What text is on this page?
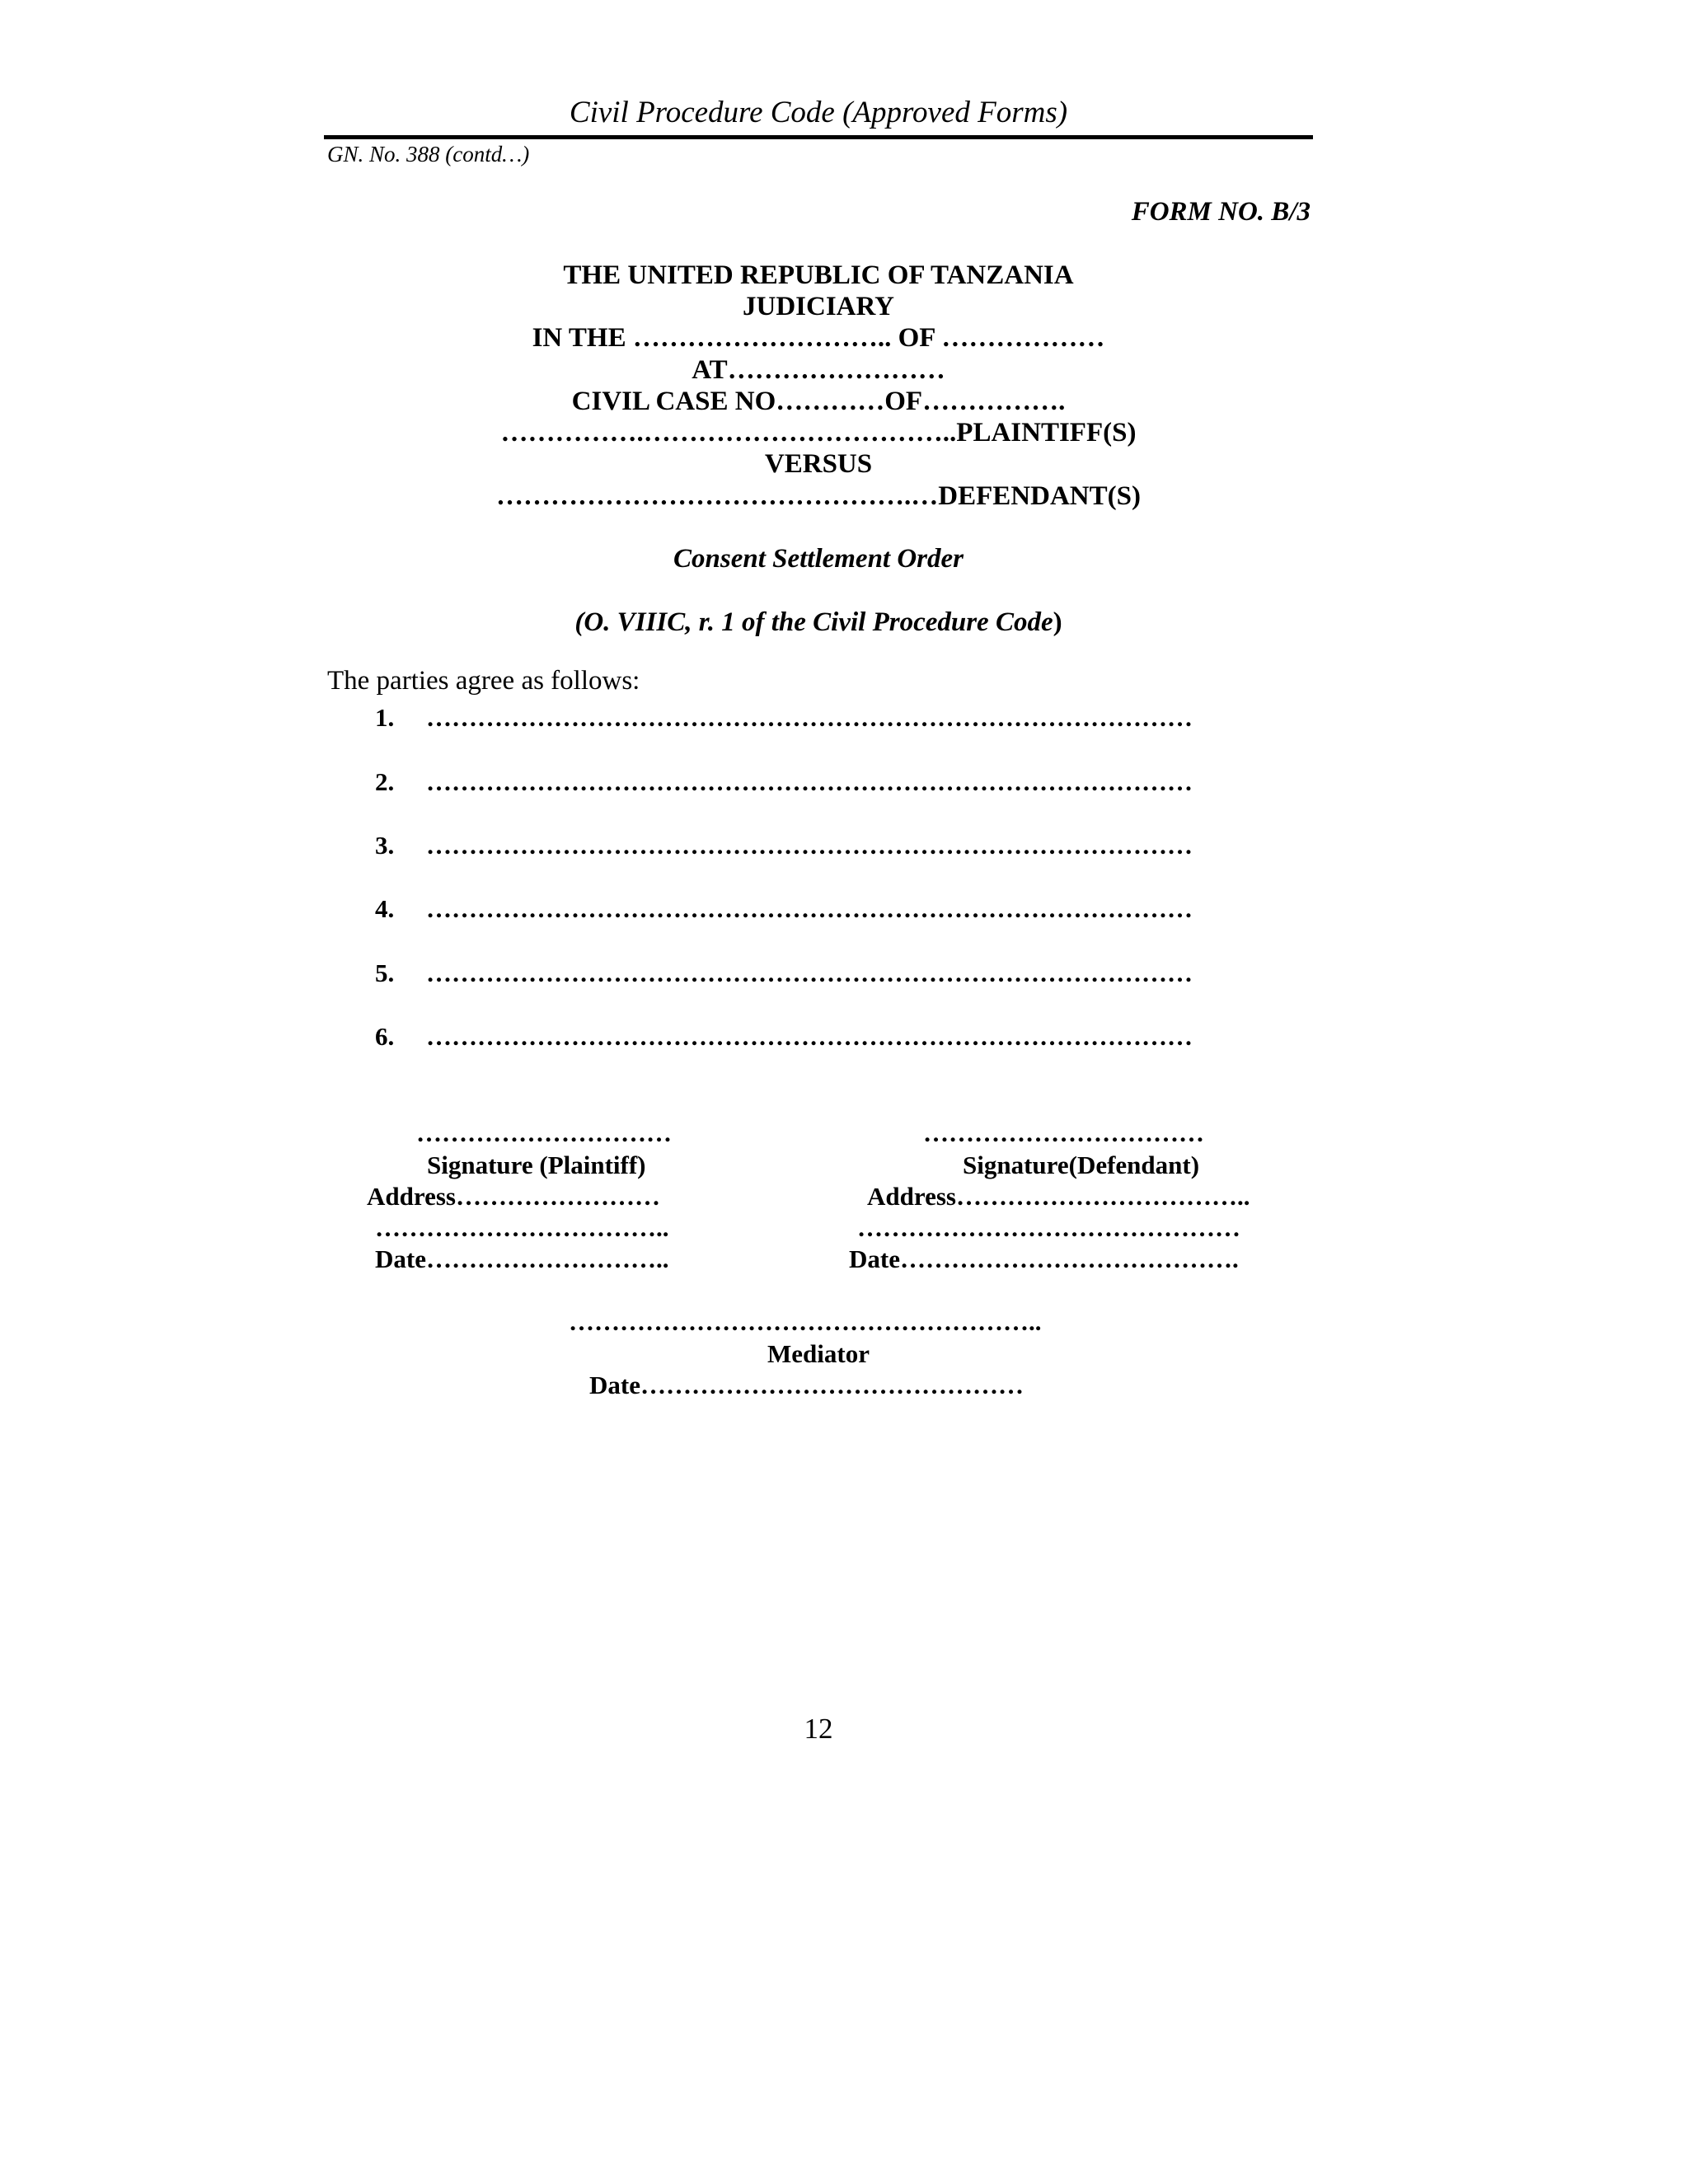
Civil Procedure Code (Approved Forms)
GN. No. 388 (contd…)
FORM NO. B/3
THE UNITED REPUBLIC OF TANZANIA
JUDICIARY
IN THE ……………………….. OF ………………
AT……………………
CIVIL CASE NO…………OF…………….
…………….……………………………..PLAINTIFF(S)
VERSUS
……………………………………….…DEFENDANT(S)
Consent Settlement Order
(O. VIIIC, r. 1 of the Civil Procedure Code)
The parties agree as follows:
1. ………………………………………………………………………………
2. ………………………………………………………………………………
3. ………………………………………………………………………………
4. ………………………………………………………………………………
5. ………………………………………………………………………………
6. ………………………………………………………………………………
…………………………
Signature (Plaintiff)
Address……………………
……………………………..
Date………………………..
……………………………
Signature(Defendant)
Address……………………………..
………………………………………
Date………………………………….
………………………………………………..
Mediator
Date………………………………………
12
